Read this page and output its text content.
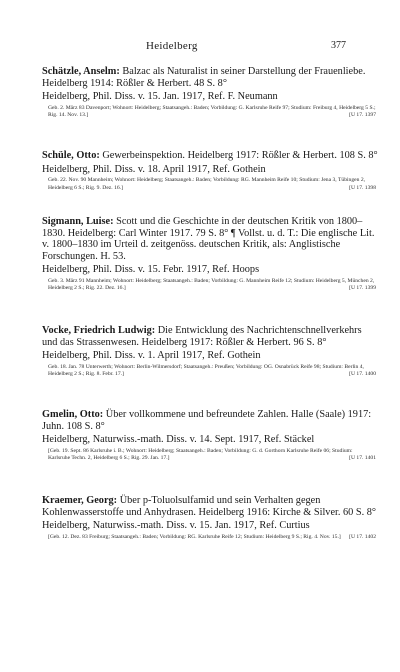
Heidelberg	377

Schätzle, Anselm: Balzac als Naturalist in seiner Darstellung der Frauenliebe. Heidelberg 1914: Rößler & Herbert. 48 S. 8°

Heidelberg, Phil. Diss. v. 15. Jan. 1917, Ref. F. Neumann

Geb. 2. März 83 Davenport; Wohnort: Heidelberg; Staatsangeh.: Baden; Vorbildung: G. Karlsruhe Reife 97; Studium: Freiburg 4, Heidelberg 5 S.; Rig. 14. Nov. 13.]	[U 17. 1397

Schüle, Otto: Gewerbeinspektion. Heidelberg 1917: Rößler & Herbert. 108 S. 8°

Heidelberg, Phil. Diss. v. 18. April 1917, Ref. Gothein

Geb. 22. Nov. 90 Mannheim; Wohnort: Heidelberg; Staatsangeh.: Baden; Vorbildung: RG. Mannheim Reife 10; Studium: Jena 3, Tübingen 2, Heidelberg 6 S.; Rig. 9. Dez. 16.]	[U 17. 1398

Sigmann, Luise: Scott und die Geschichte in der deutschen Kritik von 1800–1830. Heidelberg: Carl Winter 1917. 79 S. 8° ¶ Vollst. u. d. T.: Die englische Lit. v. 1800–1830 im Urteil d. zeitgenöss. deutschen Kritik, als: Anglistische Forschungen. H. 53.

Heidelberg, Phil. Diss. v. 15. Febr. 1917, Ref. Hoops

Geb. 3. März 91 Mannheim; Wohnort: Heidelberg; Staatsangeh.: Baden; Vorbildung: G. Mannheim Reife 12; Studium: Heidelberg 5, München 2, Heidelberg 2 S.; Rig. 22. Dez. 16.]	[U 17. 1399

Vocke, Friedrich Ludwig: Die Entwicklung des Nachrichtenschnellverkehrs und das Strassenwesen. Heidelberg 1917: Rößler & Herbert. 96 S. 8°

Heidelberg, Phil. Diss. v. 1. April 1917, Ref. Gothein

Geb. 18. Jan. 78 Unterwerth; Wohnort: Berlin-Wilmersdorf; Staatsangeh.: Preußen; Vorbildung: OG. Osnabrück Reife 98; Studium: Berlin 4, Heidelberg 2 S.; Rig. 8. Febr. 17.]	[U 17. 1400

Gmelin, Otto: Über vollkommene und befreundete Zahlen. Halle (Saale) 1917: Juhn. 108 S. 8°

Heidelberg, Naturwiss.-math. Diss. v. 14. Sept. 1917, Ref. Stäckel

[Geb. 19. Sept. 86 Karlsruhe i. B.; Wohnort: Heidelberg; Staatsangeh.: Baden; Vorbildung: G. d. Gorthorn Karlsruhe Reife 06; Studium: Karlsruhe Techn. 2, Heidelberg 6 S.; Rig. 29. Jan. 17.]	[U 17. 1401

Kraemer, Georg: Über p-Toluolsulfamid und sein Verhalten gegen Kohlenwasserstoffe und Anhydrasen. Heidelberg 1916: Kirche & Silver. 60 S. 8°

Heidelberg, Naturwiss.-math. Diss. v. 15. Jan. 1917, Ref. Curtius

[Geb. 12. Dez. 83 Freiburg; Staatsangeh.: Baden; Vorbildung: RG. Karlsruhe Reife 12; Studium: Heidelberg 9 S.; Rig. 4. Nov. 15.] [U 17. 1402
